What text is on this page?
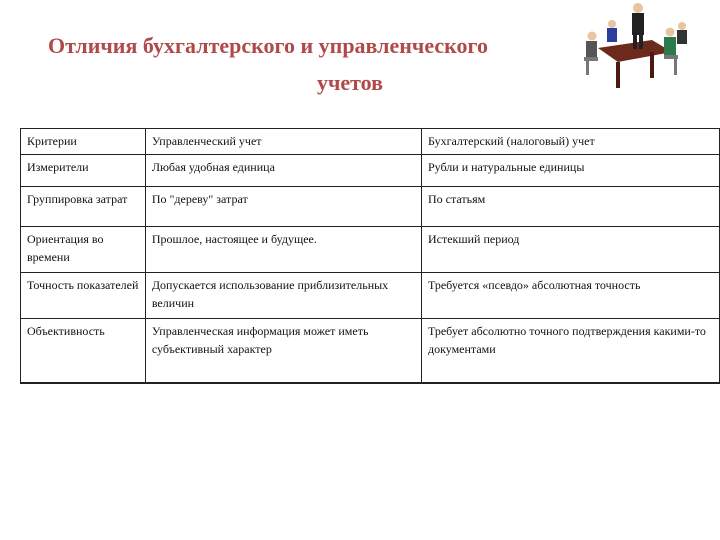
Отличия бухгалтерского и управленческого
учетов
Критерии	Управленческий учет	Бухгалтерский (налоговый) учет
Измерители	Любая удобная единица	Рубли и натуральные единицы
Группировка затрат	По "дереву" затрат	По статьям
Ориентация во времени	Прошлое, настоящее и будущее.	Истекший период
Точность показателей	Допускается использование приблизительных величин	Требуется «псевдо» абсолютная точность
Объективность	Управленческая информация может иметь субъективный характер	Требует абсолютно точного подтверждения какими-то документами
